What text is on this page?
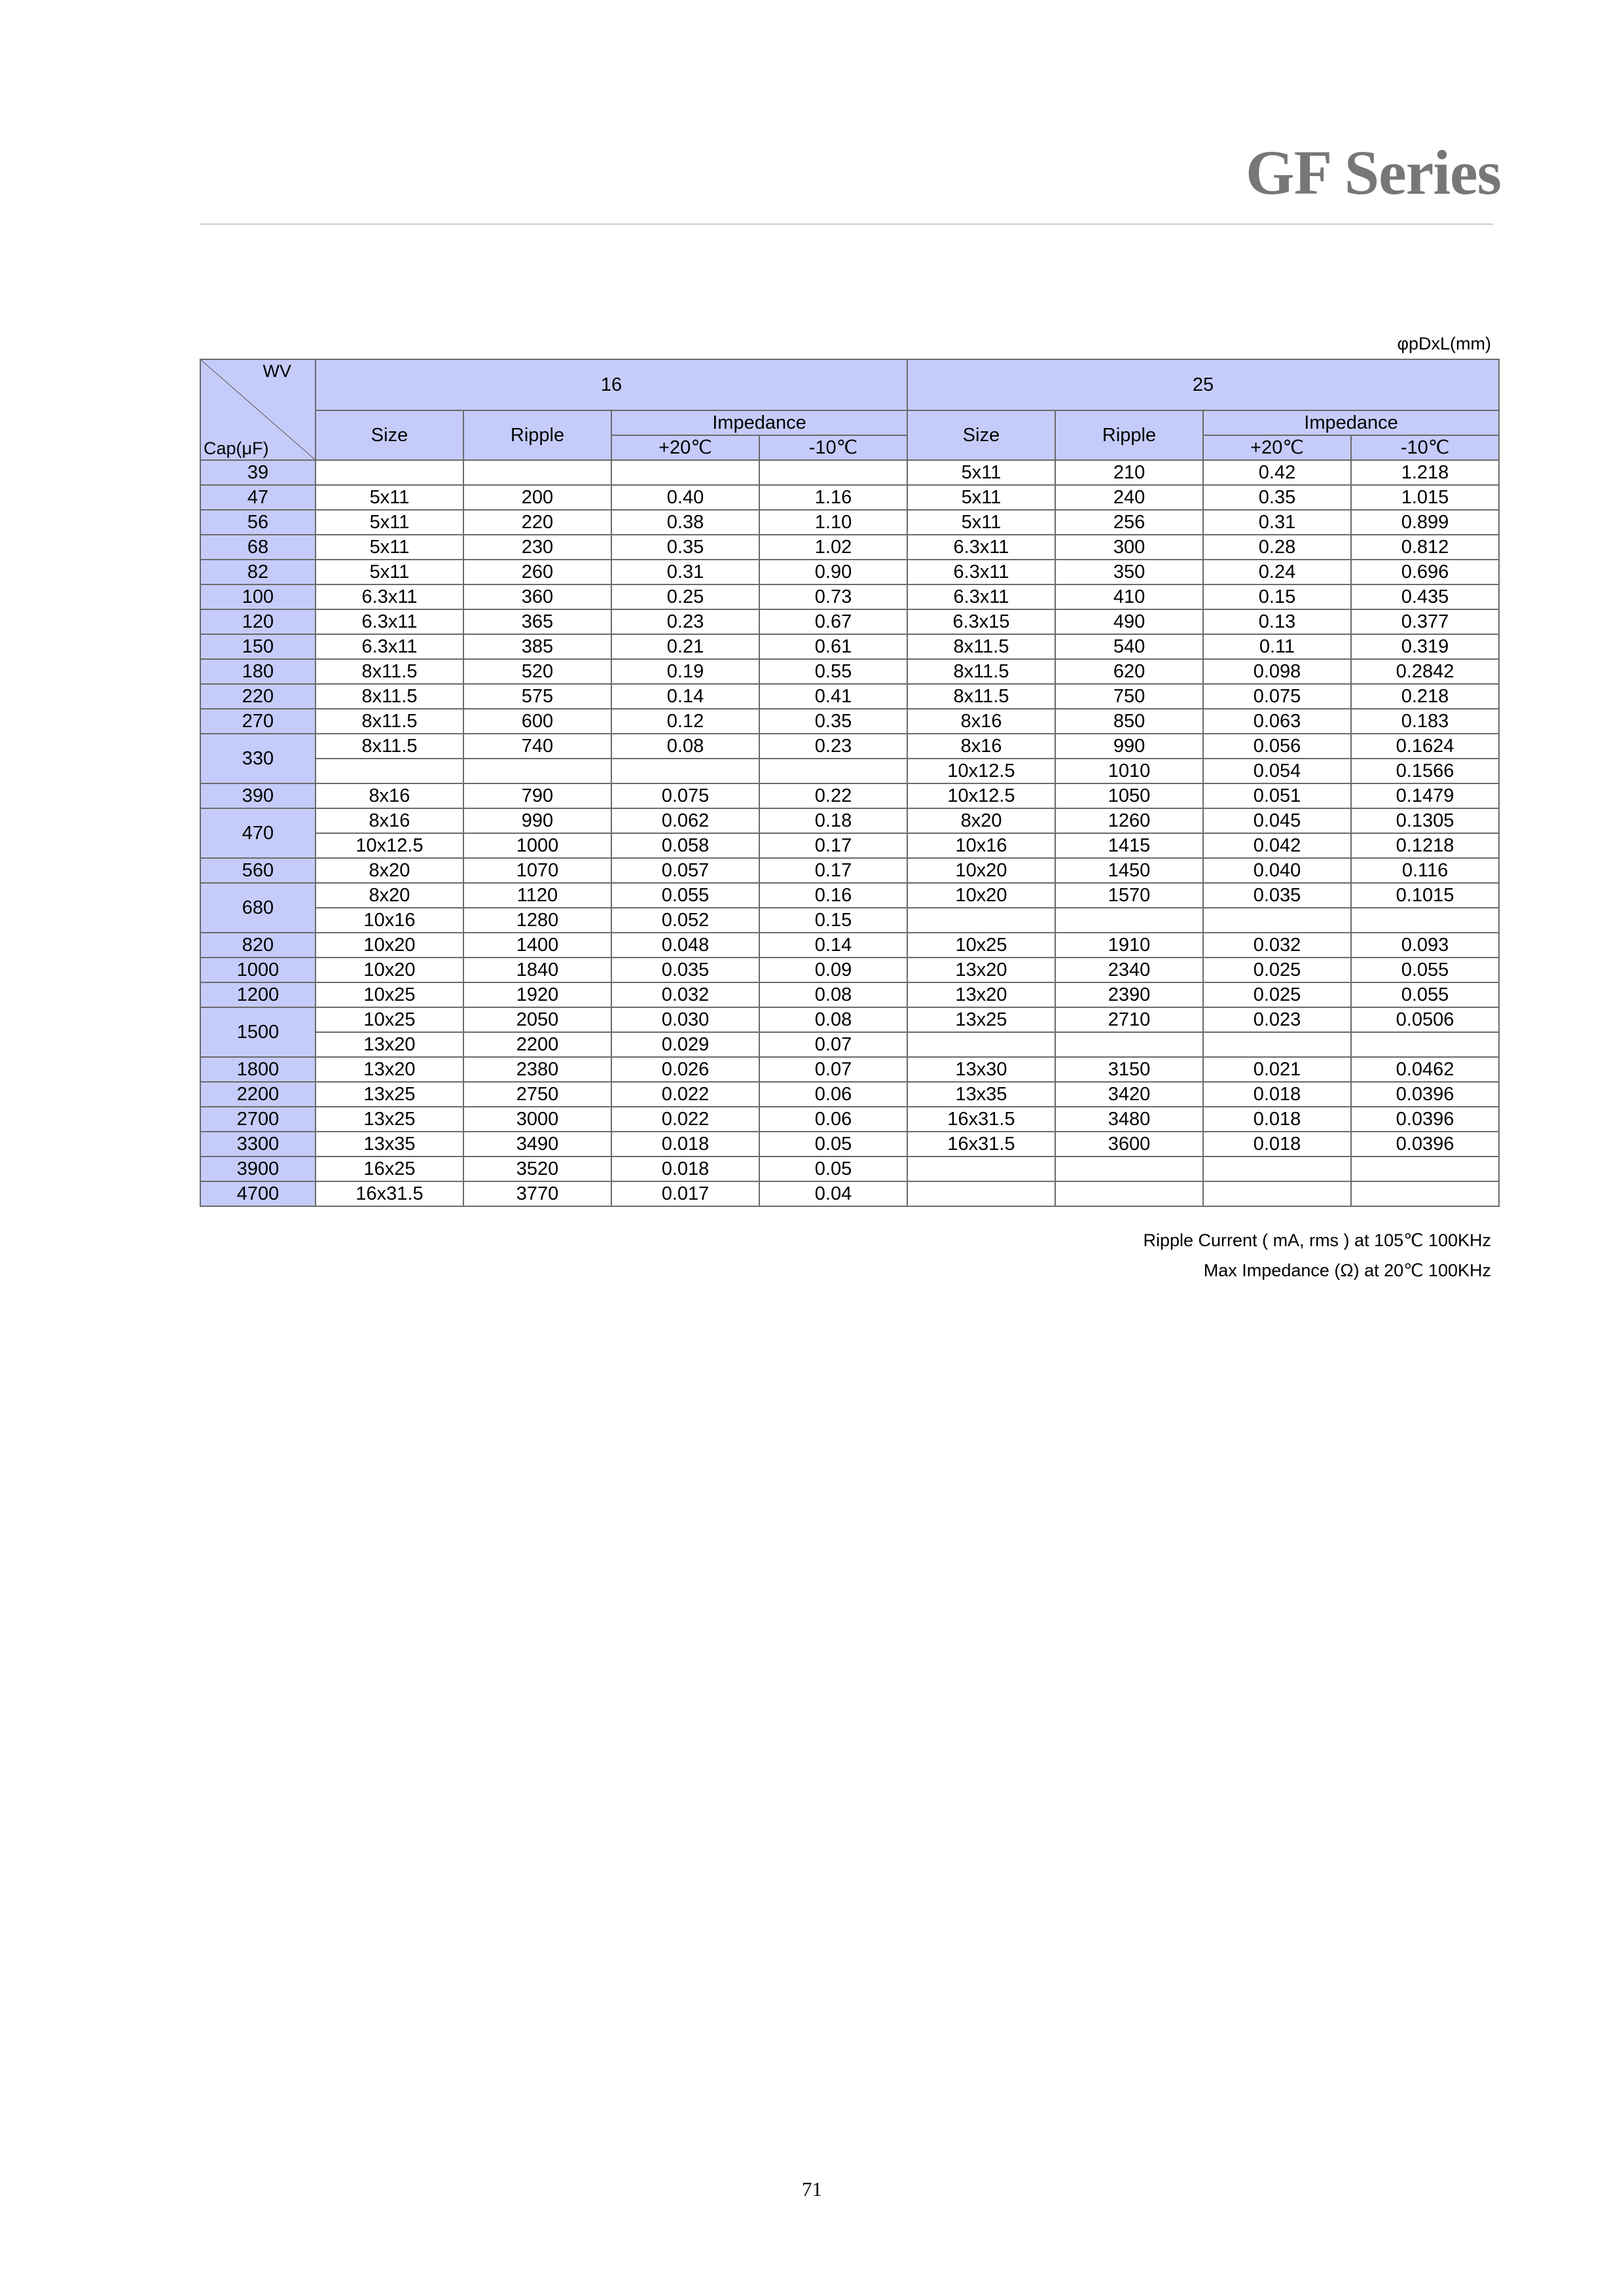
GF Series
φpDxL(mm)
WV
Cap(μF)	16				25			
	Size	Ripple	Impedance		Size	Ripple	Impedance	
			+20℃	-10℃			+20℃	-10℃
39					5x11	210	0.42	1.218
47	5x11	200	0.40	1.16	5x11	240	0.35	1.015
56	5x11	220	0.38	1.10	5x11	256	0.31	0.899
68	5x11	230	0.35	1.02	6.3x11	300	0.28	0.812
82	5x11	260	0.31	0.90	6.3x11	350	0.24	0.696
100	6.3x11	360	0.25	0.73	6.3x11	410	0.15	0.435
120	6.3x11	365	0.23	0.67	6.3x15	490	0.13	0.377
150	6.3x11	385	0.21	0.61	8x11.5	540	0.11	0.319
180	8x11.5	520	0.19	0.55	8x11.5	620	0.098	0.2842
220	8x11.5	575	0.14	0.41	8x11.5	750	0.075	0.218
270	8x11.5	600	0.12	0.35	8x16	850	0.063	0.183
330	8x11.5	740	0.08	0.23	8x16	990	0.056	0.1624
					10x12.5	1010	0.054	0.1566
390	8x16	790	0.075	0.22	10x12.5	1050	0.051	0.1479
470	8x16	990	0.062	0.18	8x20	1260	0.045	0.1305
	10x12.5	1000	0.058	0.17	10x16	1415	0.042	0.1218
560	8x20	1070	0.057	0.17	10x20	1450	0.040	0.116
680	8x20	1120	0.055	0.16	10x20	1570	0.035	0.1015
	10x16	1280	0.052	0.15				
820	10x20	1400	0.048	0.14	10x25	1910	0.032	0.093
1000	10x20	1840	0.035	0.09	13x20	2340	0.025	0.055
1200	10x25	1920	0.032	0.08	13x20	2390	0.025	0.055
1500	10x25	2050	0.030	0.08	13x25	2710	0.023	0.0506
	13x20	2200	0.029	0.07				
1800	13x20	2380	0.026	0.07	13x30	3150	0.021	0.0462
2200	13x25	2750	0.022	0.06	13x35	3420	0.018	0.0396
2700	13x25	3000	0.022	0.06	16x31.5	3480	0.018	0.0396
3300	13x35	3490	0.018	0.05	16x31.5	3600	0.018	0.0396
3900	16x25	3520	0.018	0.05				
4700	16x31.5	3770	0.017	0.04				
Ripple Current ( mA, rms ) at 105℃ 100KHz
Max Impedance (Ω) at 20℃ 100KHz
71
